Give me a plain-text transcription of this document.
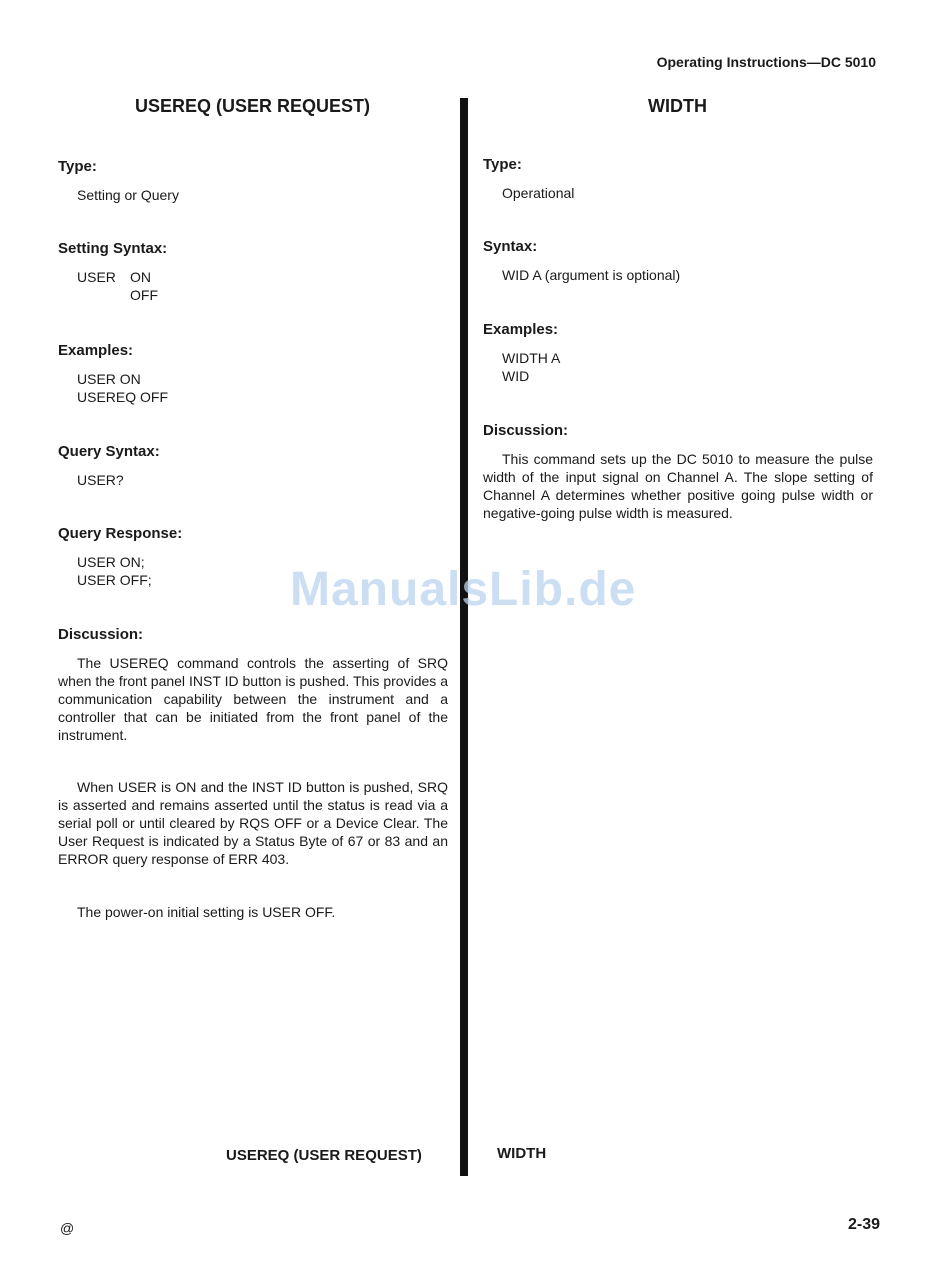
Operating Instructions—DC 5010
USEREQ (USER REQUEST)	WIDTH

Type:

Setting or Query

Setting Syntax:

USER	ON
OFF

Examples:

USER ON
USEREQ OFF

Query Syntax:

USER?

Query Response:

USER ON;
USER OFF;

Discussion:

The USEREQ command controls the asserting of SRQ when the front panel INST ID button is pushed. This provides a communication capability between the instrument and a controller that can be initiated from the front panel of the instrument.

When USER is ON and the INST ID button is pushed, SRQ is asserted and remains asserted until the status is read via a serial poll or until cleared by RQS OFF or a Device Clear. The User Request is indicated by a Status Byte of 67 or 83 and an ERROR query response of ERR 403.

The power-on initial setting is USER OFF.

Type:

Operational

Syntax:

WID A (argument is optional)

Examples:

WIDTH A
WID

Discussion:

This command sets up the DC 5010 to measure the pulse width of the input signal on Channel A. The slope setting of Channel A determines whether positive going pulse width or negative-going pulse width is measured.

ManualsLib.de
USEREQ (USER REQUEST)	WIDTH
@	2-39
